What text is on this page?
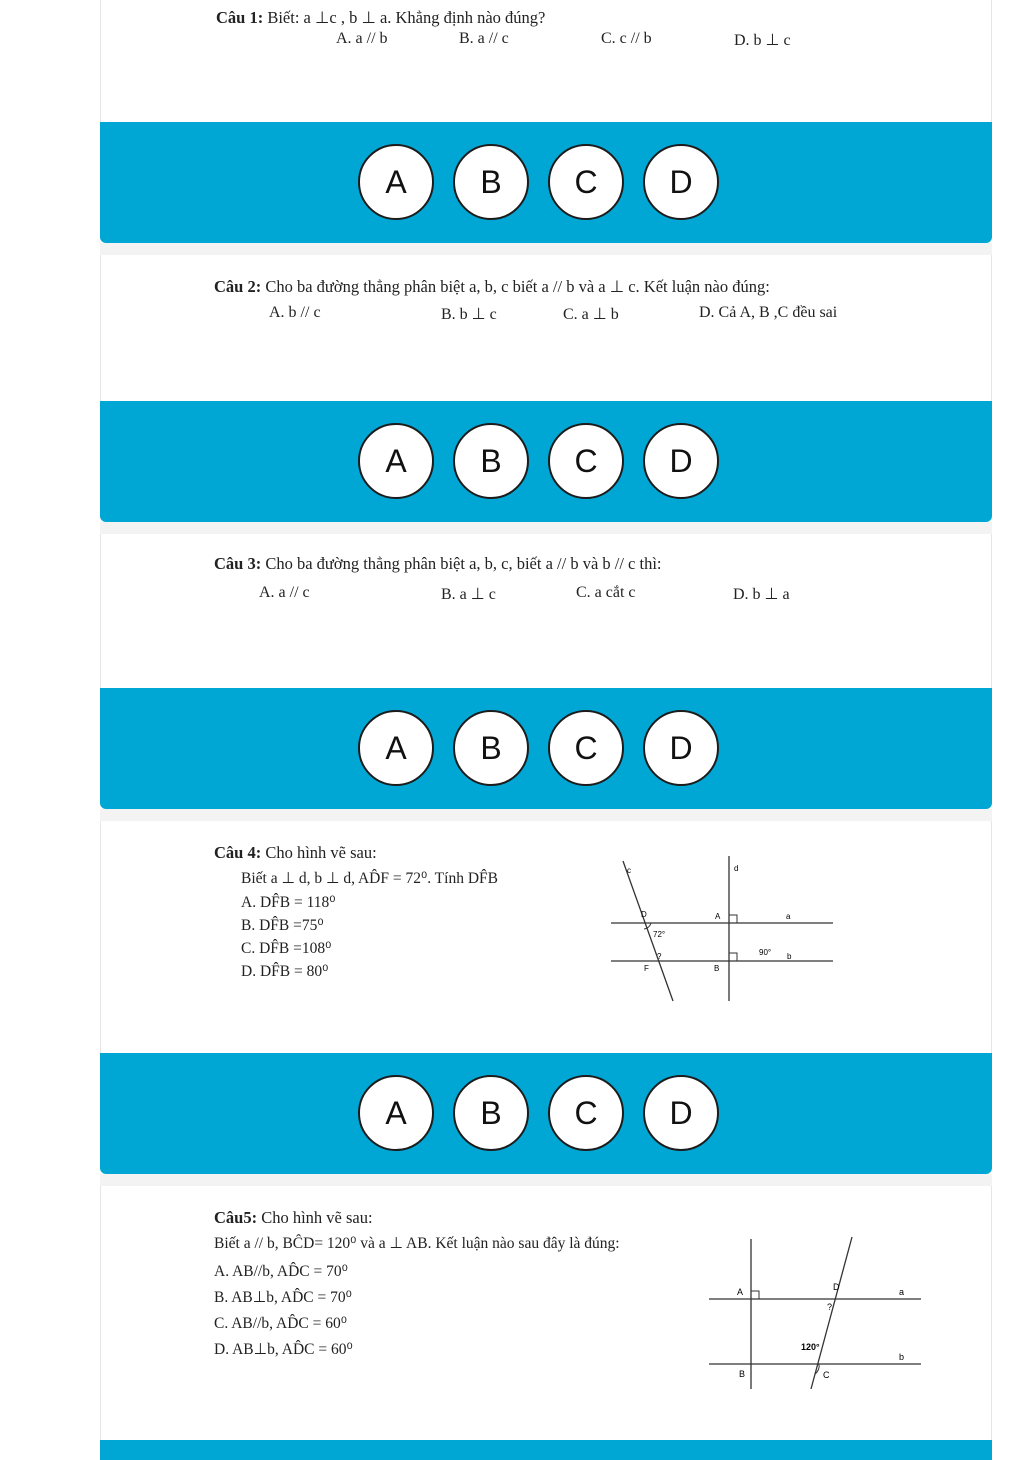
Câu 1: Biết: a ⊥c , b ⊥ a. Khẳng định nào đúng?
A. a // b	B. a // c	C. c // b	D. b ⊥ c
A	B	C	D
Câu 2: Cho ba đường thẳng phân biệt a, b, c biết a // b và a ⊥ c. Kết luận nào đúng:
A. b // c	B. b ⊥ c	C. a ⊥ b	D. Cả A, B ,C đều sai
A	B	C	D
Câu 3: Cho ba đường thẳng phân biệt a, b, c, biết a // b và b // c thì:
A. a // c	B. a ⊥ c	C. a cắt c	D. b ⊥ a
A	B	C	D
Câu 4: Cho hình vẽ sau:
Biết a ⊥ d, b ⊥ d, AD̂F = 72⁰. Tính DF̂B
A. DF̂B = 118⁰
B. DF̂B =75⁰
C. DF̂B =108⁰
D. DF̂B = 80⁰
c	d
a
b
D	A
F	B
72°
?	90°
A	B	C	D
Câu5: Cho hình vẽ sau:
Biết a // b, BĈD= 120⁰ và a ⊥ AB. Kết luận nào sau đây là đúng:
A. AB//b, AD̂C = 70⁰
B. AB⊥b, AD̂C = 70⁰
C. AB//b, AD̂C = 60⁰
D. AB⊥b, AD̂C = 60⁰
A	D
B	C
a
b
120°
?
